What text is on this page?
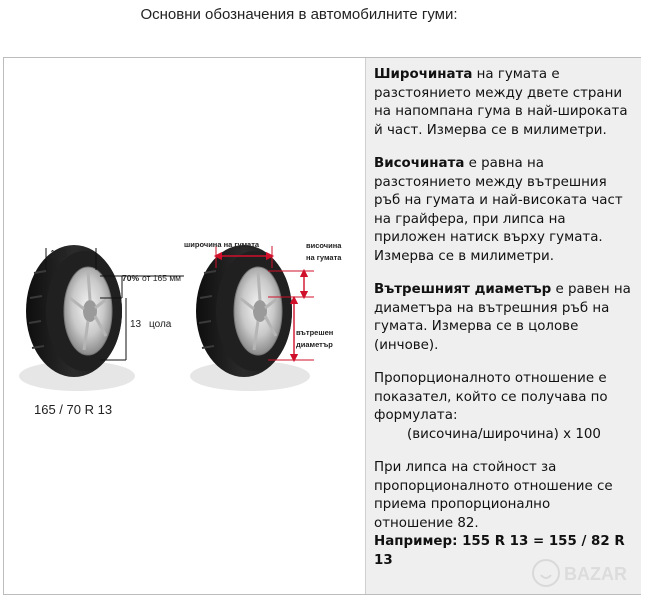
Основни обозначения в автомобилните гуми:
165 мм
70% от 165 мм
13 цола
165 / 70 R 13
широчина на гумата	височина
на гумата
вътрешен
диаметър

Широчината на гумата е разстоянието между двете страни на напомпана гума в най-широката й част. Измерва се в милиметри.

Височината е равна на разстоянието между вътрешния ръб на гумата и най-високата част на грайфера, при липса на приложен натиск върху гумата. Измерва се в милиметри.

Вътрешният диаметър е равен на диаметъра на вътрешния ръб на гумата. Измерва се в цолове (инчове).

Пропорционалното отношение е показател, който се получава по формулата:
(височина/широчина) х 100

При липса на стойност за пропорционалното отношение се приема пропорционално отношение 82.

Например: 155 R 13 = 155 / 82 R 13

BAZAR
